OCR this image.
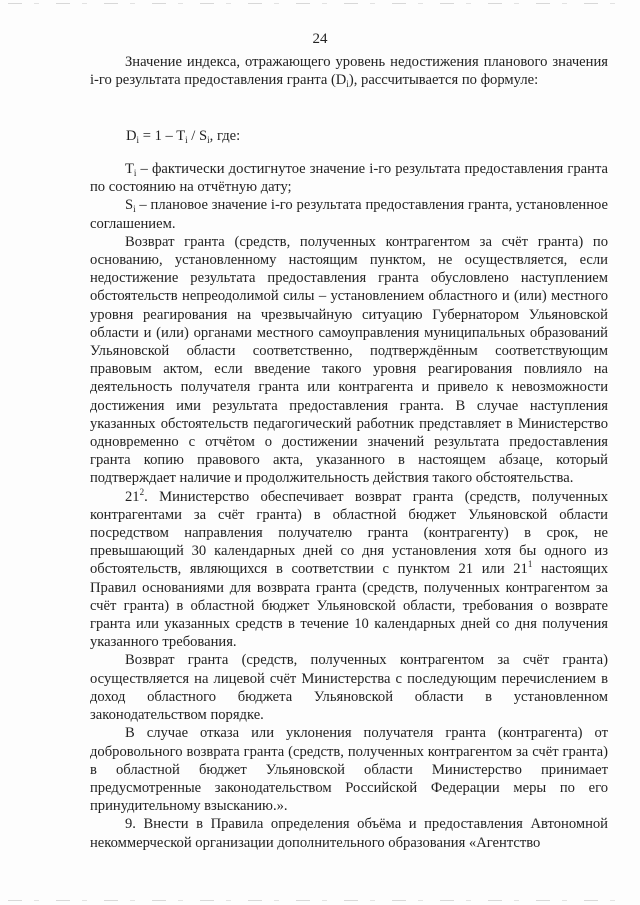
24

Значение индекса, отражающего уровень недостижения планового значения i-го результата предоставления гранта $(D_i)$, рассчитывается по формуле:

$D_i = 1 - T_i / S_i$, где:

$T_i$ – фактически достигнутое значение i-го результата предоставления гранта по состоянию на отчётную дату;

$S_i$ – плановое значение i-го результата предоставления гранта, установленное соглашением.

Возврат гранта (средств, полученных контрагентом за счёт гранта) по основанию, установленному настоящим пунктом, не осуществляется, если недостижение результата предоставления гранта обусловлено наступлением обстоятельств непреодолимой силы – установлением областного и (или) местного уровня реагирования на чрезвычайную ситуацию Губернатором Ульяновской области и (или) органами местного самоуправления муниципальных образований Ульяновской области соответственно, подтверждённым соответствующим правовым актом, если введение такого уровня реагирования повлияло на деятельность получателя гранта или контрагента и привело к невозможности достижения ими результата предоставления гранта. В случае наступления указанных обстоятельств педагогический работник представляет в Министерство одновременно с отчётом о достижении значений результата предоставления гранта копию правового акта, указанного в настоящем абзаце, который подтверждает наличие и продолжительность действия такого обстоятельства.

$21^2$. Министерство обеспечивает возврат гранта (средств, полученных контрагентами за счёт гранта) в областной бюджет Ульяновской области посредством направления получателю гранта (контрагенту) в срок, не превышающий 30 календарных дней со дня установления хотя бы одного из обстоятельств, являющихся в соответствии с пунктом 21 или $21^1$ настоящих Правил основаниями для возврата гранта (средств, полученных контрагентом за счёт гранта) в областной бюджет Ульяновской области, требования о возврате гранта или указанных средств в течение 10 календарных дней со дня получения указанного требования.

Возврат гранта (средств, полученных контрагентом за счёт гранта) осуществляется на лицевой счёт Министерства с последующим перечислением в доход областного бюджета Ульяновской области в установленном законодательством порядке.

В случае отказа или уклонения получателя гранта (контрагента) от добровольного возврата гранта (средств, полученных контрагентом за счёт гранта) в областной бюджет Ульяновской области Министерство принимает предусмотренные законодательством Российской Федерации меры по его принудительному взысканию.».

9. Внести в Правила определения объёма и предоставления Автономной некоммерческой организации дополнительного образования «Агентство
